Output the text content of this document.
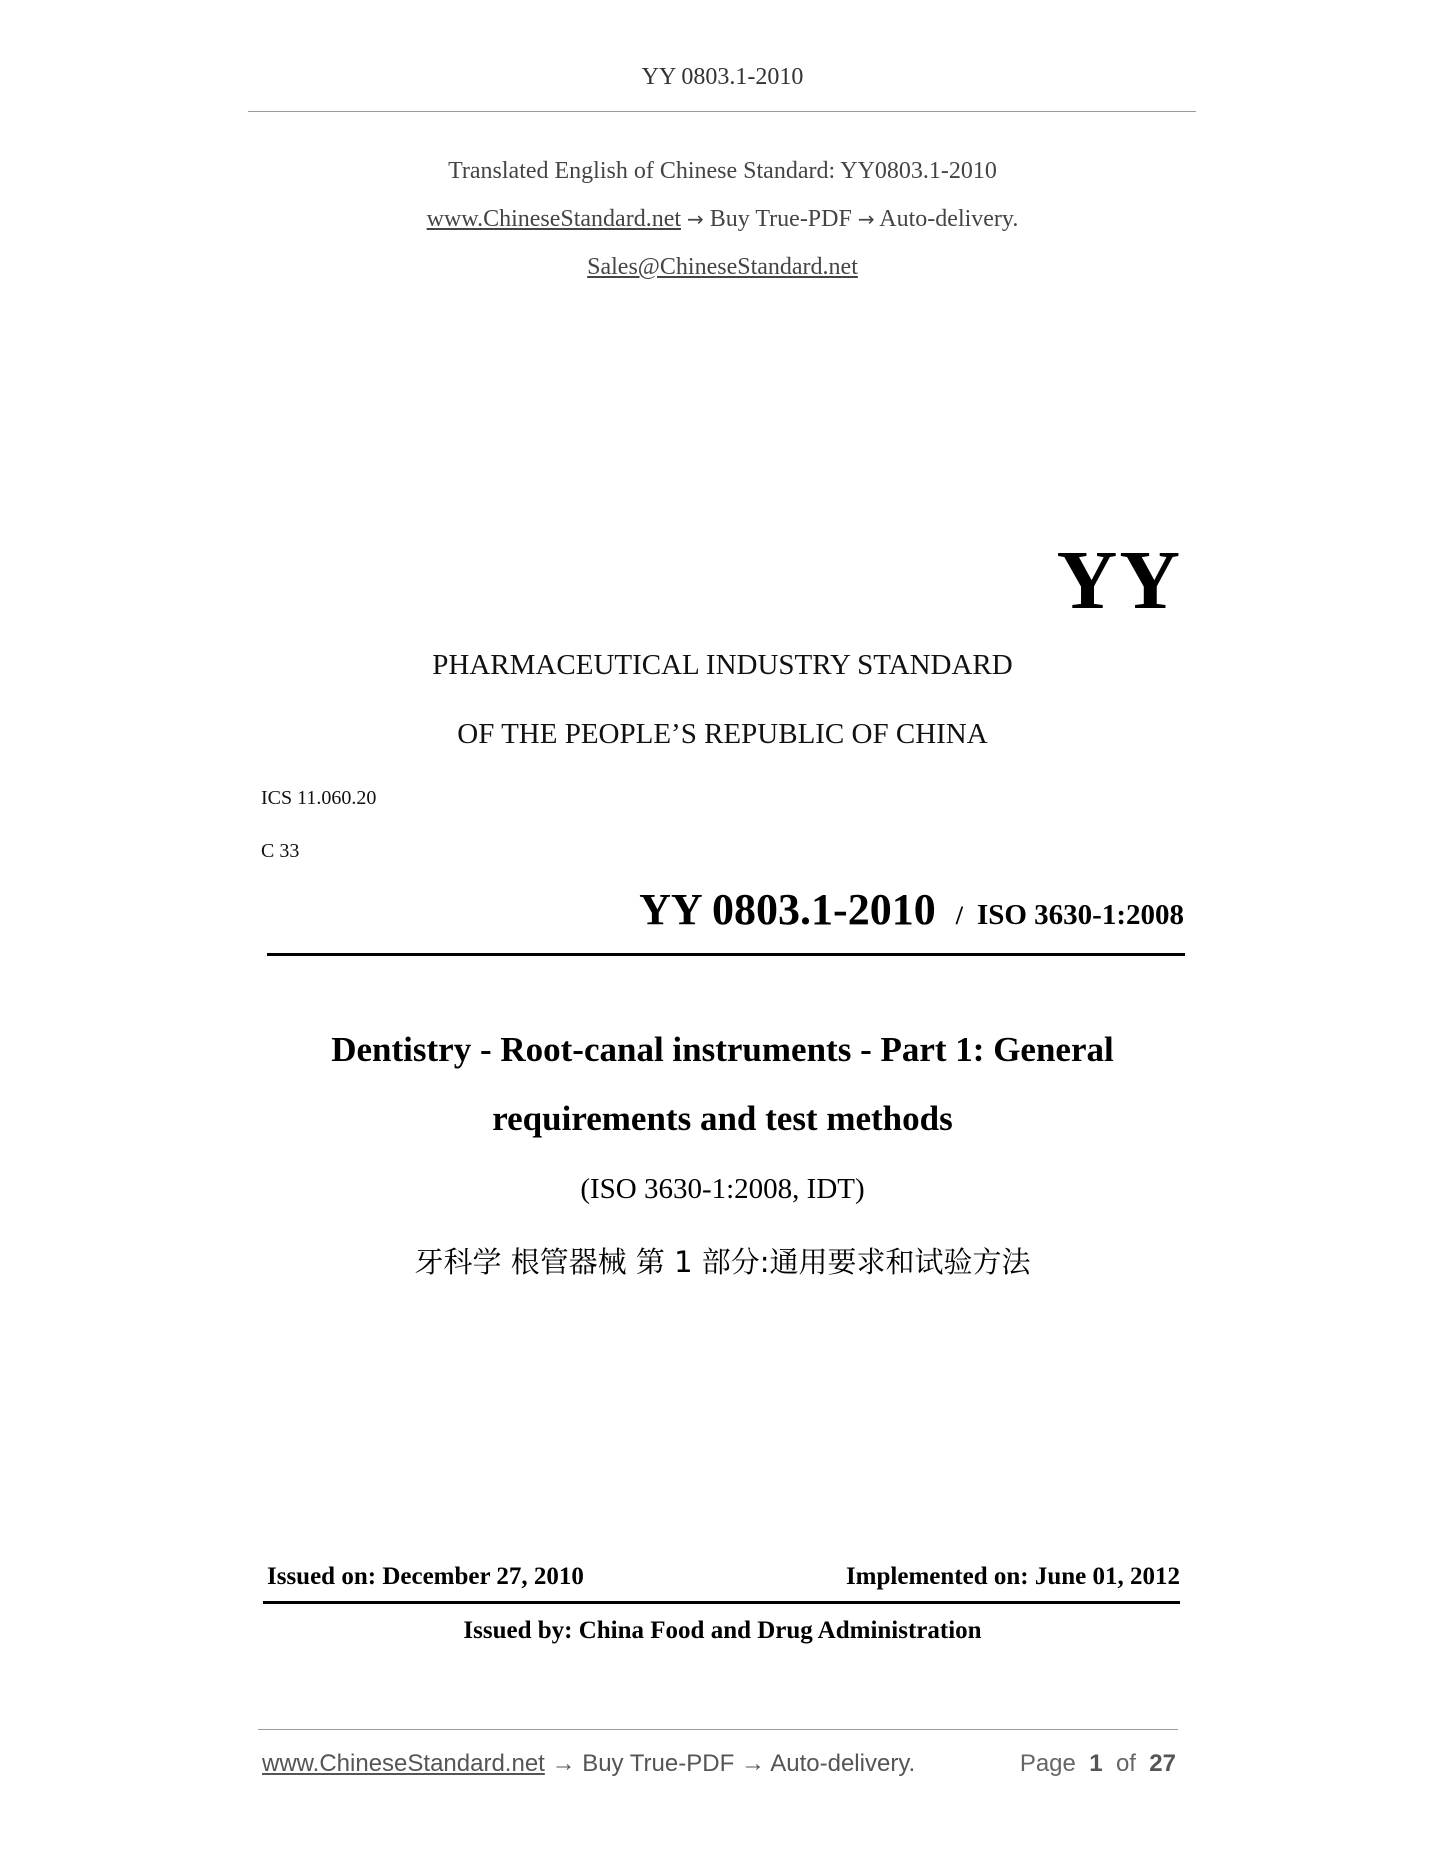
YY 0803.1-2010
Translated English of Chinese Standard: YY0803.1-2010
www.ChineseStandard.net → Buy True-PDF → Auto-delivery.
Sales@ChineseStandard.net
YY
PHARMACEUTICAL INDUSTRY STANDARD
OF THE PEOPLE’S REPUBLIC OF CHINA
ICS 11.060.20
C 33
YY 0803.1-2010 / ISO 3630-1:2008
Dentistry - Root-canal instruments - Part 1: General
requirements and test methods
(ISO 3630-1:2008, IDT)
牙科学 根管器械 第 1 部分:通用要求和试验方法
Issued on: December 27, 2010	Implemented on: June 01, 2012
Issued by: China Food and Drug Administration
www.ChineseStandard.net → Buy True-PDF → Auto-delivery.	Page 1 of 27
